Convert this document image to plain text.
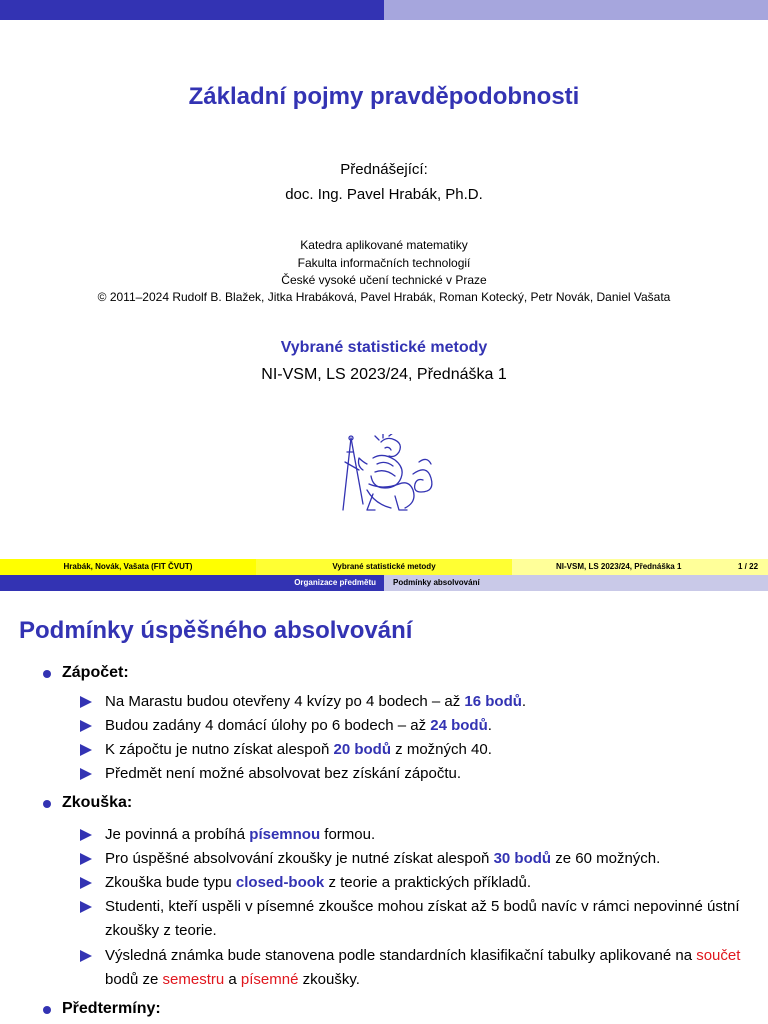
Základní pojmy pravděpodobnosti
Přednášející:
doc. Ing. Pavel Hrabák, Ph.D.
Katedra aplikované matematiky
Fakulta informačních technologií
České vysoké učení technické v Praze
© 2011–2024 Rudolf B. Blažek, Jitka Hrabáková, Pavel Hrabák, Roman Kotecký, Petr Novák, Daniel Vašata
Vybrané statistické metody
NI-VSM, LS 2023/24, Přednáška 1
Hrabák, Novák, Vašata (FIT ČVUT)	Vybrané statistické metody	NI-VSM, LS 2023/24, Přednáška 1	1 / 22
Organizace předmětu Podmínky absolvování
Podmínky úspěšného absolvování
Zápočet:
Na Marastu budou otevřeny 4 kvízy po 4 bodech – až 16 bodů.
Budou zadány 4 domácí úlohy po 6 bodech – až 24 bodů.
K zápočtu je nutno získat alespoň 20 bodů z možných 40.
Předmět není možné absolvovat bez získání zápočtu.
Zkouška:
Je povinná a probíhá písemnou formou.
Pro úspěšné absolvování zkoušky je nutné získat alespoň 30 bodů ze 60 možných.
Zkouška bude typu closed-book z teorie a praktických příkladů.
Studenti, kteří uspěli v písemné zkoušce mohou získat až 5 bodů navíc v rámci nepovinné ústní zkoušky z teorie.
Výsledná známka bude stanovena podle standardních klasifikační tabulky aplikované na součet bodů ze semestru a písemné zkoušky.
Předtermíny:
